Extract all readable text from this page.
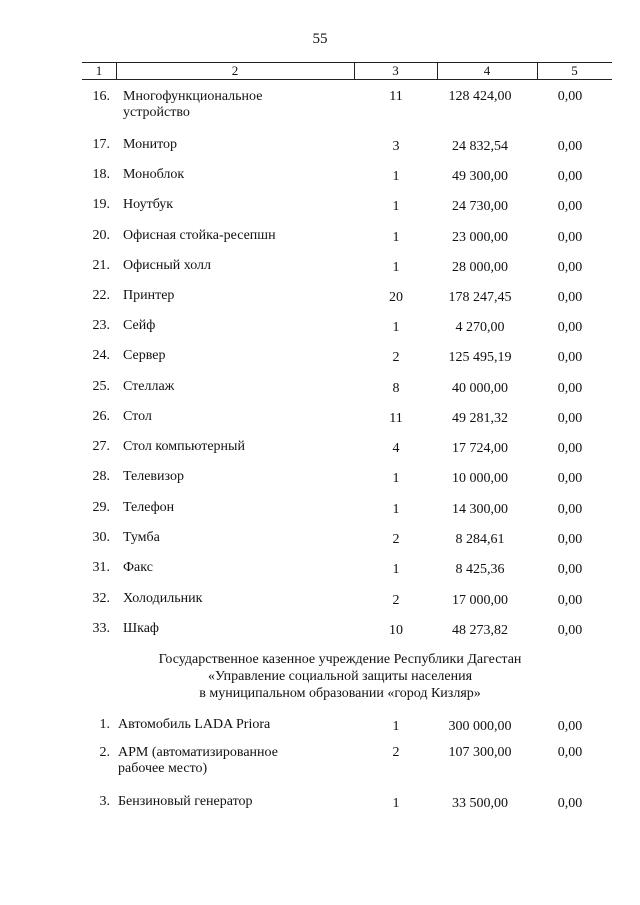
55
1	2	3	4	5
16. Многофункциональное	11	128 424,00	0,00
устройство
17. Монитор	3	24 832,54	0,00
18. Моноблок	1	49 300,00	0,00
19. Ноутбук	1	24 730,00	0,00
20. Офисная стойка-ресепшн	1	23 000,00	0,00
21. Офисный холл	1	28 000,00	0,00
22. Принтер	20	178 247,45	0,00
23. Сейф	1	4 270,00	0,00
24. Сервер	2	125 495,19	0,00
25. Стеллаж	8	40 000,00	0,00
26. Стол	11	49 281,32	0,00
27. Стол компьютерный	4	17 724,00	0,00
28. Телевизор	1	10 000,00	0,00
29. Телефон	1	14 300,00	0,00
30. Тумба	2	8 284,61	0,00
31. Факс	1	8 425,36	0,00
32. Холодильник	2	17 000,00	0,00
33. Шкаф	10	48 273,82	0,00
Государственное казенное учреждение Республики Дагестан
«Управление социальной защиты населения
в муниципальном образовании «город Кизляр»
1. Автомобиль LADA Priora	1	300 000,00	0,00
2. АРМ (автоматизированное	2	107 300,00	0,00
рабочее место)
3. Бензиновый генератор	1	33 500,00	0,00
